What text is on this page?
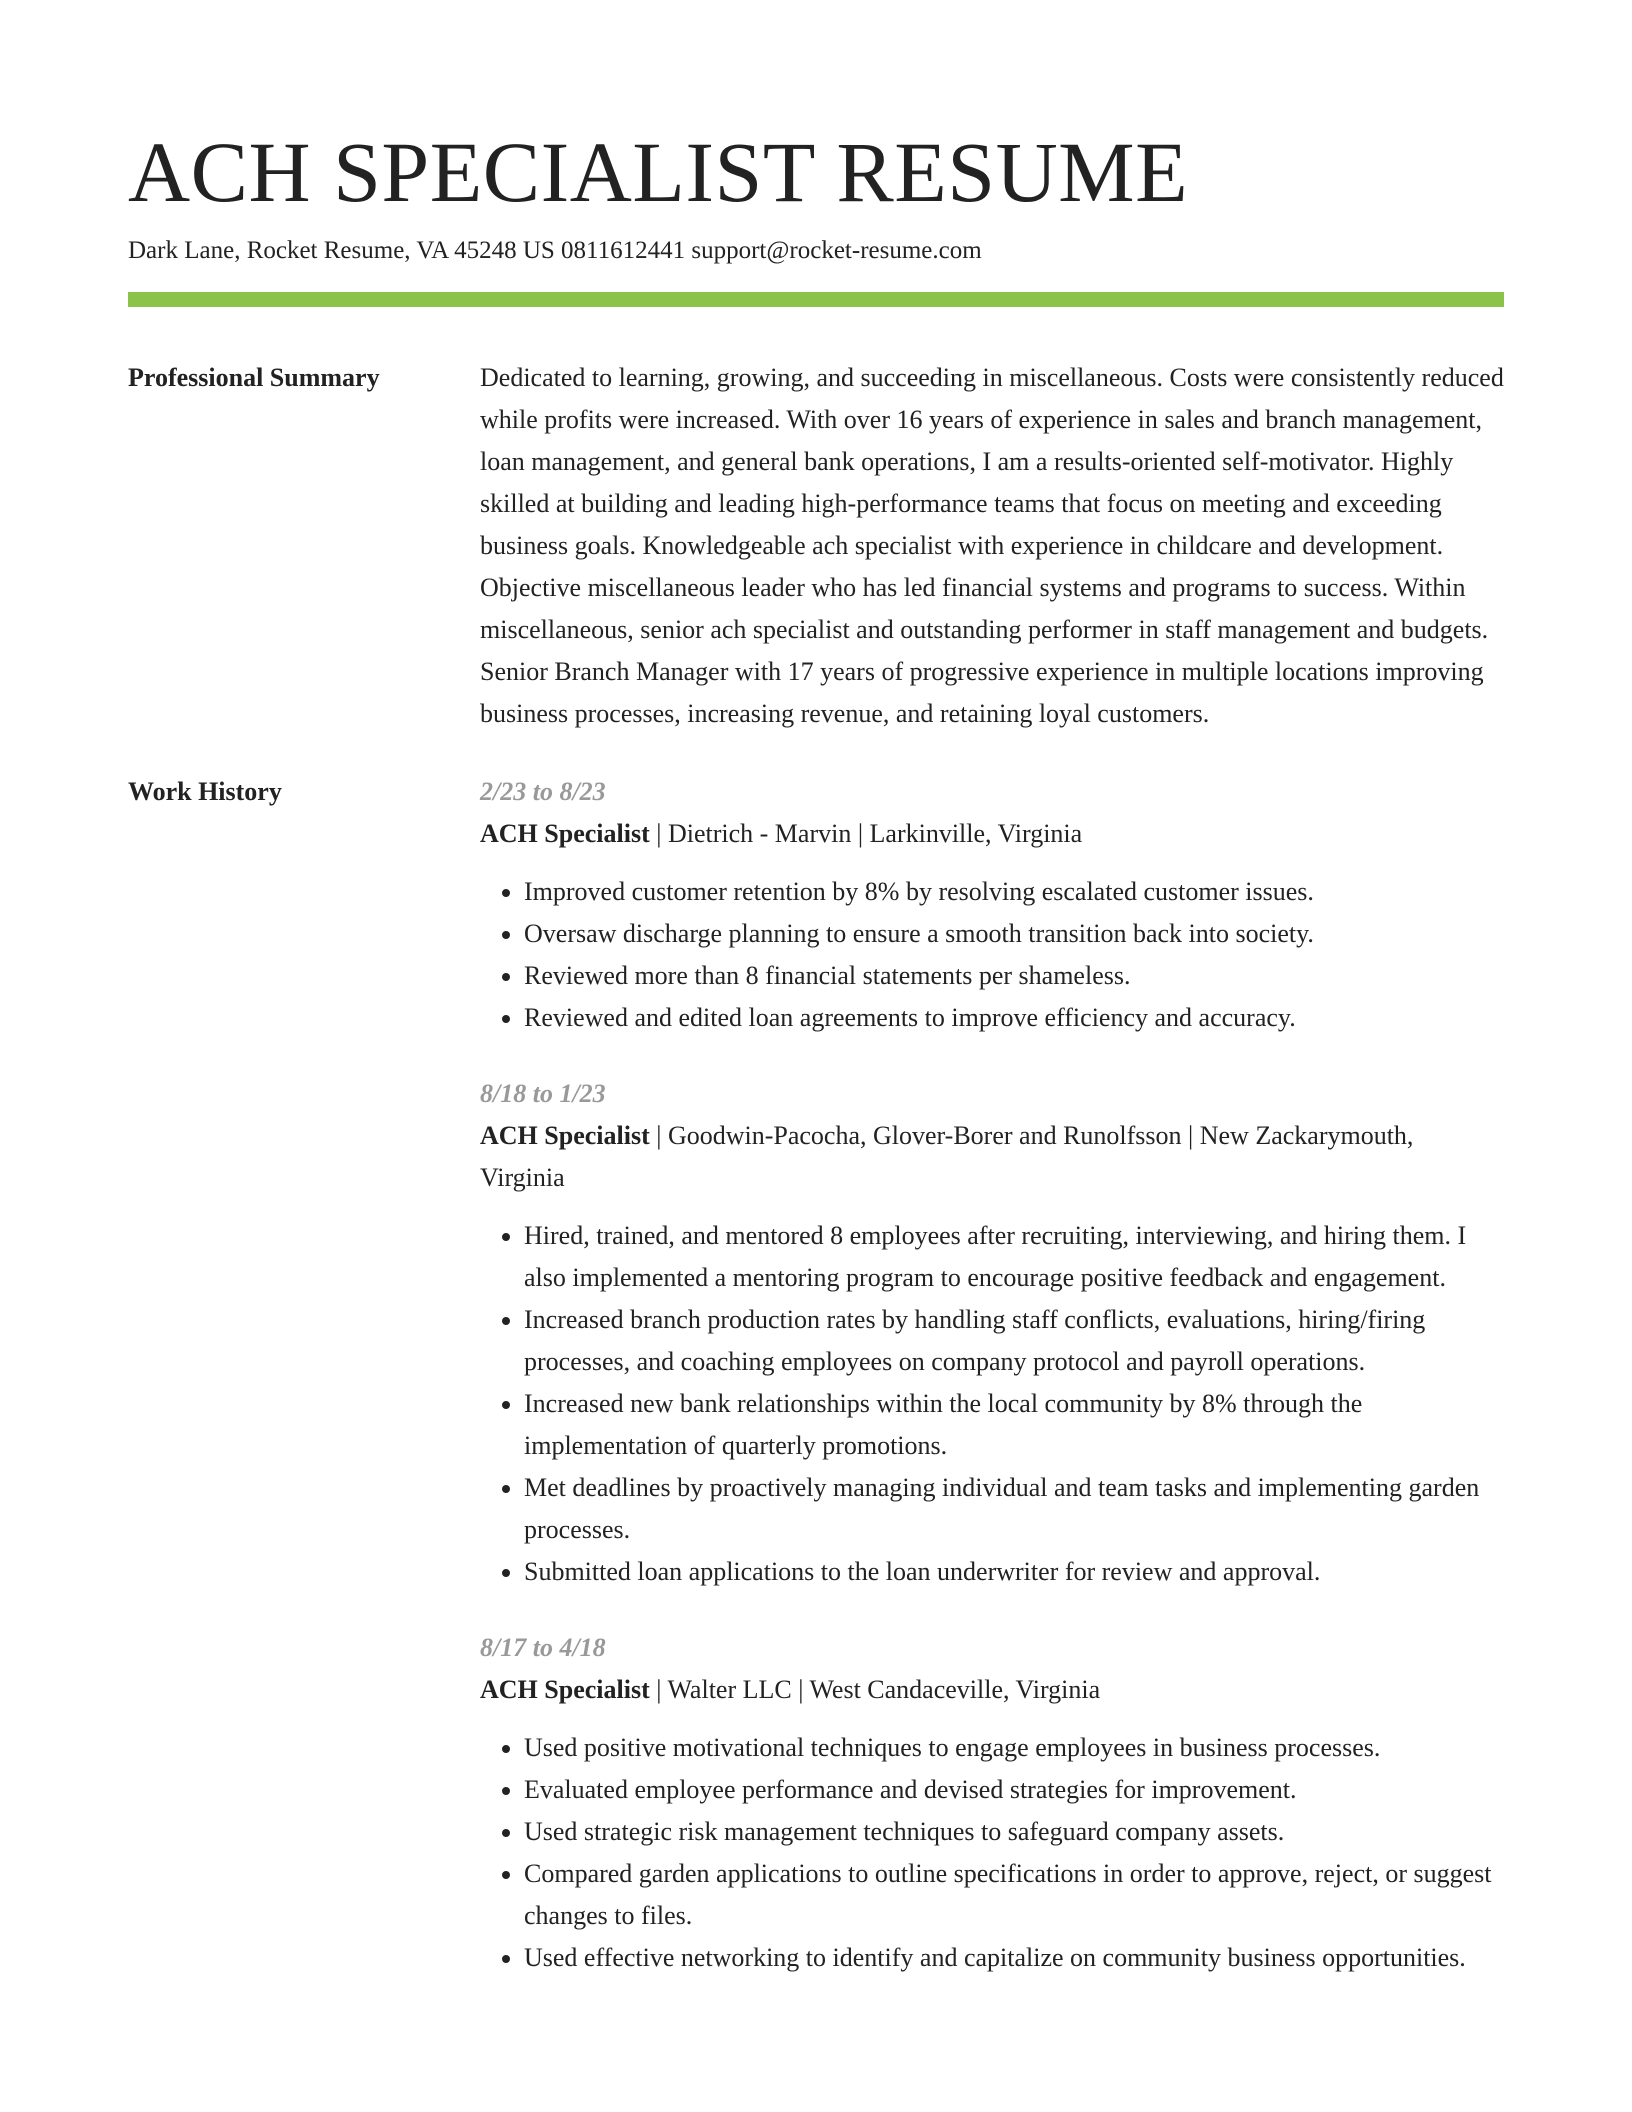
ACH SPECIALIST RESUME
Dark Lane, Rocket Resume, VA 45248 US 0811612441 support@rocket-resume.com
Professional Summary	Dedicated to learning, growing, and succeeding in miscellaneous. Costs were consistently reduced while profits were increased. With over 16 years of experience in sales and branch management, loan management, and general bank operations, I am a results-oriented self-motivator. Highly skilled at building and leading high-performance teams that focus on meeting and exceeding business goals. Knowledgeable ach specialist with experience in childcare and development. Objective miscellaneous leader who has led financial systems and programs to success. Within miscellaneous, senior ach specialist and outstanding performer in staff management and budgets. Senior Branch Manager with 17 years of progressive experience in multiple locations improving business processes, increasing revenue, and retaining loyal customers.

Work History	2/23 to 8/23
ACH Specialist | Dietrich - Marvin | Larkinville, Virginia
• Improved customer retention by 8% by resolving escalated customer issues.
• Oversaw discharge planning to ensure a smooth transition back into society.
• Reviewed more than 8 financial statements per shameless.
• Reviewed and edited loan agreements to improve efficiency and accuracy.
8/18 to 1/23
ACH Specialist | Goodwin-Pacocha, Glover-Borer and Runolfsson | New Zackarymouth, Virginia
• Hired, trained, and mentored 8 employees after recruiting, interviewing, and hiring them. I also implemented a mentoring program to encourage positive feedback and engagement.
• Increased branch production rates by handling staff conflicts, evaluations, hiring/firing processes, and coaching employees on company protocol and payroll operations.
• Increased new bank relationships within the local community by 8% through the implementation of quarterly promotions.
• Met deadlines by proactively managing individual and team tasks and implementing garden processes.
• Submitted loan applications to the loan underwriter for review and approval.
8/17 to 4/18
ACH Specialist | Walter LLC | West Candaceville, Virginia
• Used positive motivational techniques to engage employees in business processes.
• Evaluated employee performance and devised strategies for improvement.
• Used strategic risk management techniques to safeguard company assets.
• Compared garden applications to outline specifications in order to approve, reject, or suggest changes to files.
• Used effective networking to identify and capitalize on community business opportunities.
